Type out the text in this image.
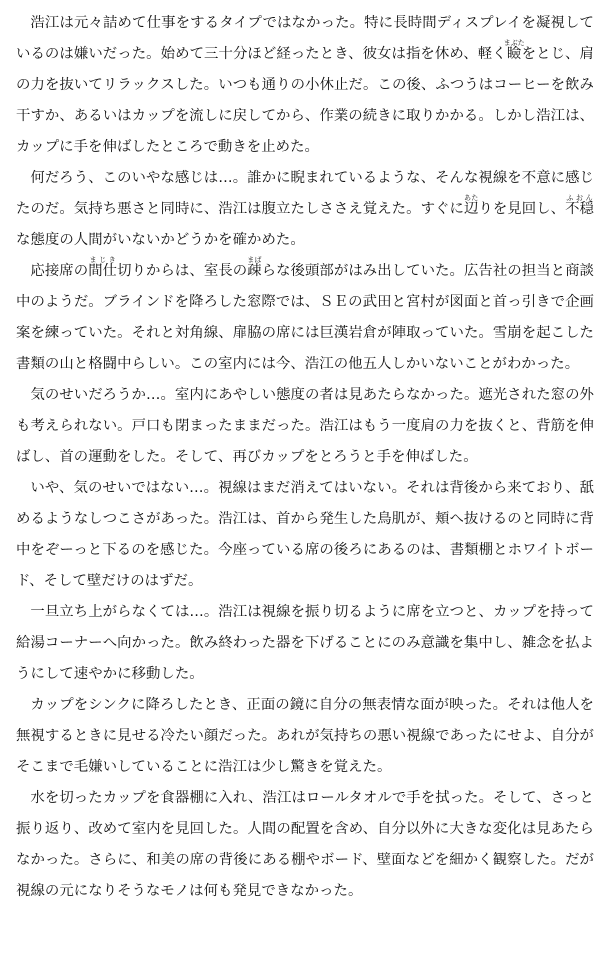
浩江は元々詰めて仕事をするタイプではなかった。特に長時間ディスプレイを凝視しているのは嫌いだった。始めて三十分ほど経ったとき、彼女は指を休め、軽く瞼まぶたをとじ、肩の力を抜いてリラックスした。いつも通りの小休止だ。この後、ふつうはコーヒーを飲み干すか、あるいはカップを流しに戻してから、作業の続きに取りかかる。しかし浩江は、カップに手を伸ばしたところで動きを止めた。

何だろう、このいやな感じは…。誰かに睨まれているような、そんな視線を不意に感じたのだ。気持ち悪さと同時に、浩江は腹立たしささえ覚えた。すぐに辺あたりを見回し、不穏ふおんな態度の人間がいないかどうかを確かめた。

応接席の間仕まじき切りからは、室長の疎まばらな後頭部がはみ出していた。広告社の担当と商談中のようだ。ブラインドを降ろした窓際では、ＳＥの武田と宮村が図面と首っ引きで企画案を練っていた。それと対角線、扉脇の席には巨漢岩倉が陣取っていた。雪崩を起こした書類の山と格闘中らしい。この室内には今、浩江の他五人しかいないことがわかった。

気のせいだろうか…。室内にあやしい態度の者は見あたらなかった。遮光された窓の外も考えられない。戸口も閉まったままだった。浩江はもう一度肩の力を抜くと、背筋を伸ばし、首の運動をした。そして、再びカップをとろうと手を伸ばした。

いや、気のせいではない…。視線はまだ消えてはいない。それは背後から来ており、舐めるようなしつこさがあった。浩江は、首から発生した鳥肌が、頬へ抜けるのと同時に背中をぞーっと下るのを感じた。今座っている席の後ろにあるのは、書類棚とホワイトボード、そして壁だけのはずだ。

一旦立ち上がらなくては…。浩江は視線を振り切るように席を立つと、カップを持って給湯コーナーへ向かった。飲み終わった器を下げることにのみ意識を集中し、雑念を払ようにして速やかに移動した。

カップをシンクに降ろしたとき、正面の鏡に自分の無表情な面が映った。それは他人を無視するときに見せる冷たい顔だった。あれが気持ちの悪い視線であったにせよ、自分がそこまで毛嫌いしていることに浩江は少し驚きを覚えた。

水を切ったカップを食器棚に入れ、浩江はロールタオルで手を拭った。そして、さっと振り返り、改めて室内を見回した。人間の配置を含め、自分以外に大きな変化は見あたらなかった。さらに、和美の席の背後にある棚やボード、壁面などを細かく観察した。だが視線の元になりそうなモノは何も発見できなかった。
